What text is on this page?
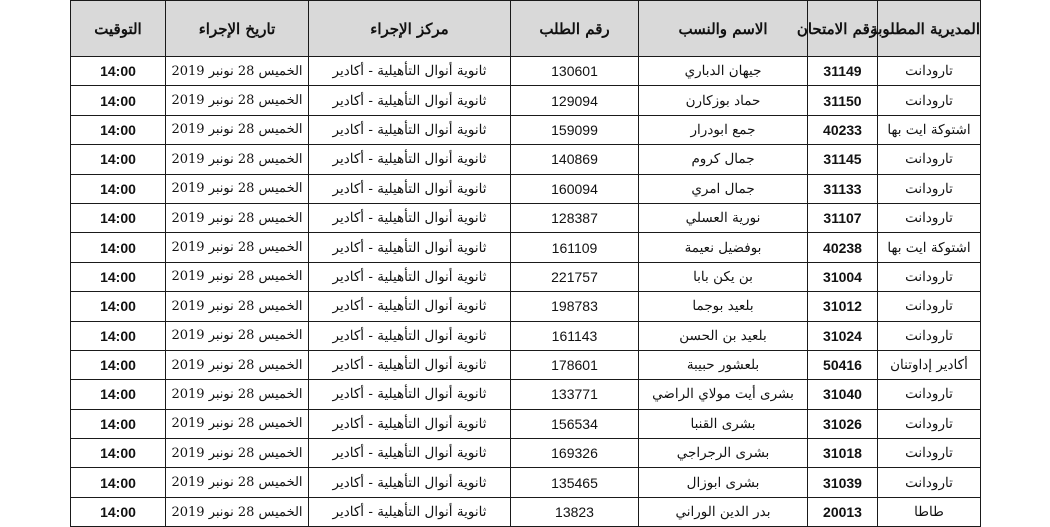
المديرية المطلوبة	رقم الامتحان	الاسم والنسب	رقم الطلب	مركز الإجراء	تاريخ الإجراء	التوقيت
تارودانت	31149	جيهان الدباري	130601	ثانوية أنوال التأهيلية - أكادير	الخميس 28 نونبر 2019	14:00
تارودانت	31150	حماد بوزكارن	129094	ثانوية أنوال التأهيلية - أكادير	الخميس 28 نونبر 2019	14:00
اشتوكة ايت بها	40233	جمع ابودرار	159099	ثانوية أنوال التأهيلية - أكادير	الخميس 28 نونبر 2019	14:00
تارودانت	31145	جمال كروم	140869	ثانوية أنوال التأهيلية - أكادير	الخميس 28 نونبر 2019	14:00
تارودانت	31133	جمال امري	160094	ثانوية أنوال التأهيلية - أكادير	الخميس 28 نونبر 2019	14:00
تارودانت	31107	نورية العسلي	128387	ثانوية أنوال التأهيلية - أكادير	الخميس 28 نونبر 2019	14:00
اشتوكة ايت بها	40238	بوفضيل نعيمة	161109	ثانوية أنوال التأهيلية - أكادير	الخميس 28 نونبر 2019	14:00
تارودانت	31004	بن يكن بابا	221757	ثانوية أنوال التأهيلية - أكادير	الخميس 28 نونبر 2019	14:00
تارودانت	31012	بلعيد بوجما	198783	ثانوية أنوال التأهيلية - أكادير	الخميس 28 نونبر 2019	14:00
تارودانت	31024	بلعيد بن الحسن	161143	ثانوية أنوال التأهيلية - أكادير	الخميس 28 نونبر 2019	14:00
أكادير إداوتنان	50416	بلعشور حبيبة	178601	ثانوية أنوال التأهيلية - أكادير	الخميس 28 نونبر 2019	14:00
تارودانت	31040	بشرى أيت مولاي الراضي	133771	ثانوية أنوال التأهيلية - أكادير	الخميس 28 نونبر 2019	14:00
تارودانت	31026	بشرى القنبا	156534	ثانوية أنوال التأهيلية - أكادير	الخميس 28 نونبر 2019	14:00
تارودانت	31018	بشرى الرجراجي	169326	ثانوية أنوال التأهيلية - أكادير	الخميس 28 نونبر 2019	14:00
تارودانت	31039	بشرى ابوزال	135465	ثانوية أنوال التأهيلية - أكادير	الخميس 28 نونبر 2019	14:00
طاطا	20013	بدر الدين الوراني	13823	ثانوية أنوال التأهيلية - أكادير	الخميس 28 نونبر 2019	14:00
